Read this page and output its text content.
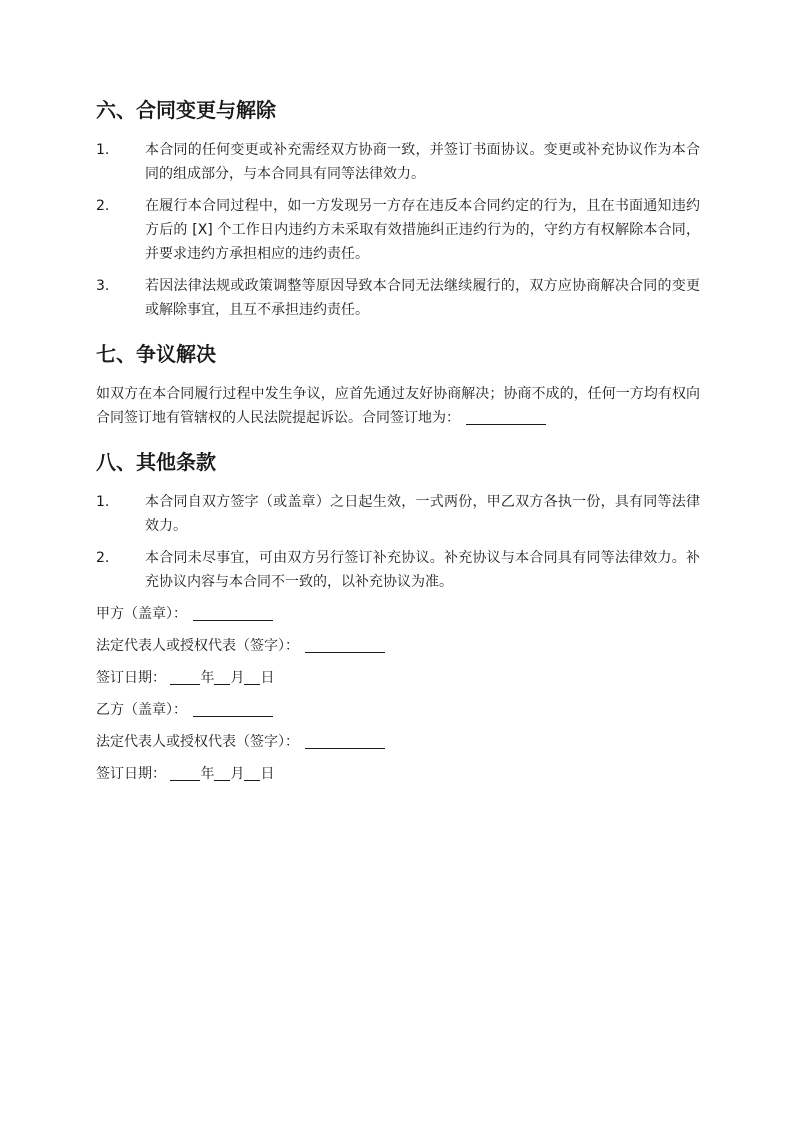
六、合同变更与解除
1.	本合同的任何变更或补充需经双方协商一致，并签订书面协议。变更或补充协议作为本合同的组成部分，与本合同具有同等法律效力。
2.	在履行本合同过程中，如一方发现另一方存在违反本合同约定的行为，且在书面通知违约方后的 [X] 个工作日内违约方未采取有效措施纠正违约行为的，守约方有权解除本合同，并要求违约方承担相应的违约责任。
3.	若因法律法规或政策调整等原因导致本合同无法继续履行的，双方应协商解决合同的变更或解除事宜，且互不承担违约责任。
七、争议解决

如双方在本合同履行过程中发生争议，应首先通过友好协商解决；协商不成的，任何一方均有权向合同签订地有管辖权的人民法院提起诉讼。合同签订地为：

八、其他条款
1.	本合同自双方签字（或盖章）之日起生效，一式两份，甲乙双方各执一份，具有同等法律效力。
2.	本合同未尽事宜，可由双方另行签订补充协议。补充协议与本合同具有同等法律效力。补充协议内容与本合同不一致的，以补充协议为准。
甲方（盖章）：
法定代表人或授权代表（签字）：
签订日期： 年 月 日
乙方（盖章）：
法定代表人或授权代表（签字）：
签订日期： 年 月 日
